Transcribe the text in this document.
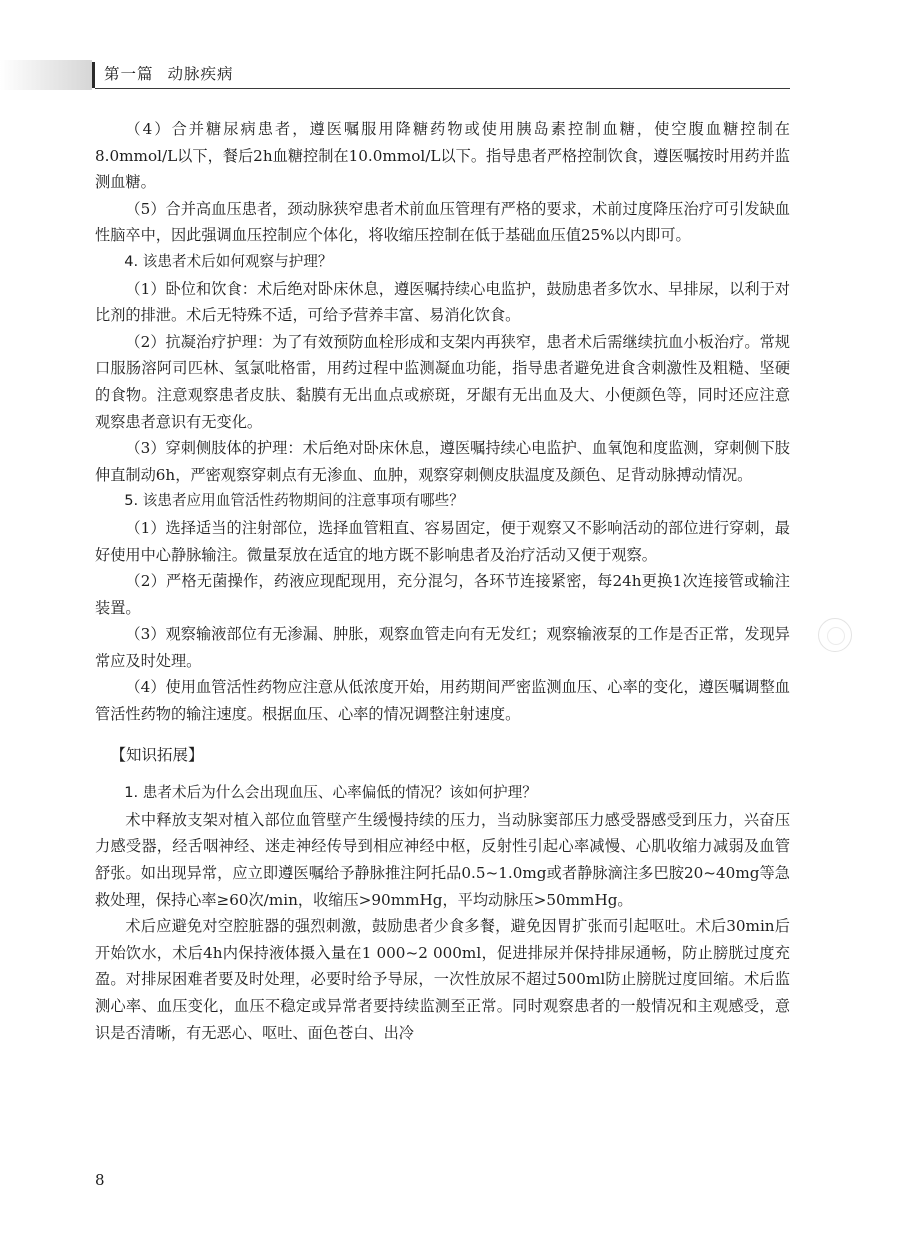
第一篇 动脉疾病

（4）合并糖尿病患者，遵医嘱服用降糖药物或使用胰岛素控制血糖，使空腹血糖控制在8.0mmol/L以下，餐后2h血糖控制在10.0mmol/L以下。指导患者严格控制饮食，遵医嘱按时用药并监测血糖。

（5）合并高血压患者，颈动脉狭窄患者术前血压管理有严格的要求，术前过度降压治疗可引发缺血性脑卒中，因此强调血压控制应个体化，将收缩压控制在低于基础血压值25%以内即可。

4. 该患者术后如何观察与护理？

（1）卧位和饮食：术后绝对卧床休息，遵医嘱持续心电监护，鼓励患者多饮水、早排尿，以利于对比剂的排泄。术后无特殊不适，可给予营养丰富、易消化饮食。

（2）抗凝治疗护理：为了有效预防血栓形成和支架内再狭窄，患者术后需继续抗血小板治疗。常规口服肠溶阿司匹林、氢氯吡格雷，用药过程中监测凝血功能，指导患者避免进食含刺激性及粗糙、坚硬的食物。注意观察患者皮肤、黏膜有无出血点或瘀斑，牙龈有无出血及大、小便颜色等，同时还应注意观察患者意识有无变化。

（3）穿刺侧肢体的护理：术后绝对卧床休息，遵医嘱持续心电监护、血氧饱和度监测，穿刺侧下肢伸直制动6h，严密观察穿刺点有无渗血、血肿，观察穿刺侧皮肤温度及颜色、足背动脉搏动情况。

5. 该患者应用血管活性药物期间的注意事项有哪些？

（1）选择适当的注射部位，选择血管粗直、容易固定，便于观察又不影响活动的部位进行穿刺，最好使用中心静脉输注。微量泵放在适宜的地方既不影响患者及治疗活动又便于观察。

（2）严格无菌操作，药液应现配现用，充分混匀，各环节连接紧密，每24h更换1次连接管或输注装置。

（3）观察输液部位有无渗漏、肿胀，观察血管走向有无发红；观察输液泵的工作是否正常，发现异常应及时处理。

（4）使用血管活性药物应注意从低浓度开始，用药期间严密监测血压、心率的变化，遵医嘱调整血管活性药物的输注速度。根据血压、心率的情况调整注射速度。

【知识拓展】

1. 患者术后为什么会出现血压、心率偏低的情况？该如何护理？

术中释放支架对植入部位血管壁产生缓慢持续的压力，当动脉窦部压力感受器感受到压力，兴奋压力感受器，经舌咽神经、迷走神经传导到相应神经中枢，反射性引起心率减慢、心肌收缩力减弱及血管舒张。如出现异常，应立即遵医嘱给予静脉推注阿托品0.5~1.0mg或者静脉滴注多巴胺20~40mg等急救处理，保持心率≥60次/min，收缩压>90mmHg，平均动脉压>50mmHg。

术后应避免对空腔脏器的强烈刺激，鼓励患者少食多餐，避免因胃扩张而引起呕吐。术后30min后开始饮水，术后4h内保持液体摄入量在1 000~2 000ml，促进排尿并保持排尿通畅，防止膀胱过度充盈。对排尿困难者要及时处理，必要时给予导尿，一次性放尿不超过500ml防止膀胱过度回缩。术后监测心率、血压变化，血压不稳定或异常者要持续监测至正常。同时观察患者的一般情况和主观感受，意识是否清晰，有无恶心、呕吐、面色苍白、出冷

8
